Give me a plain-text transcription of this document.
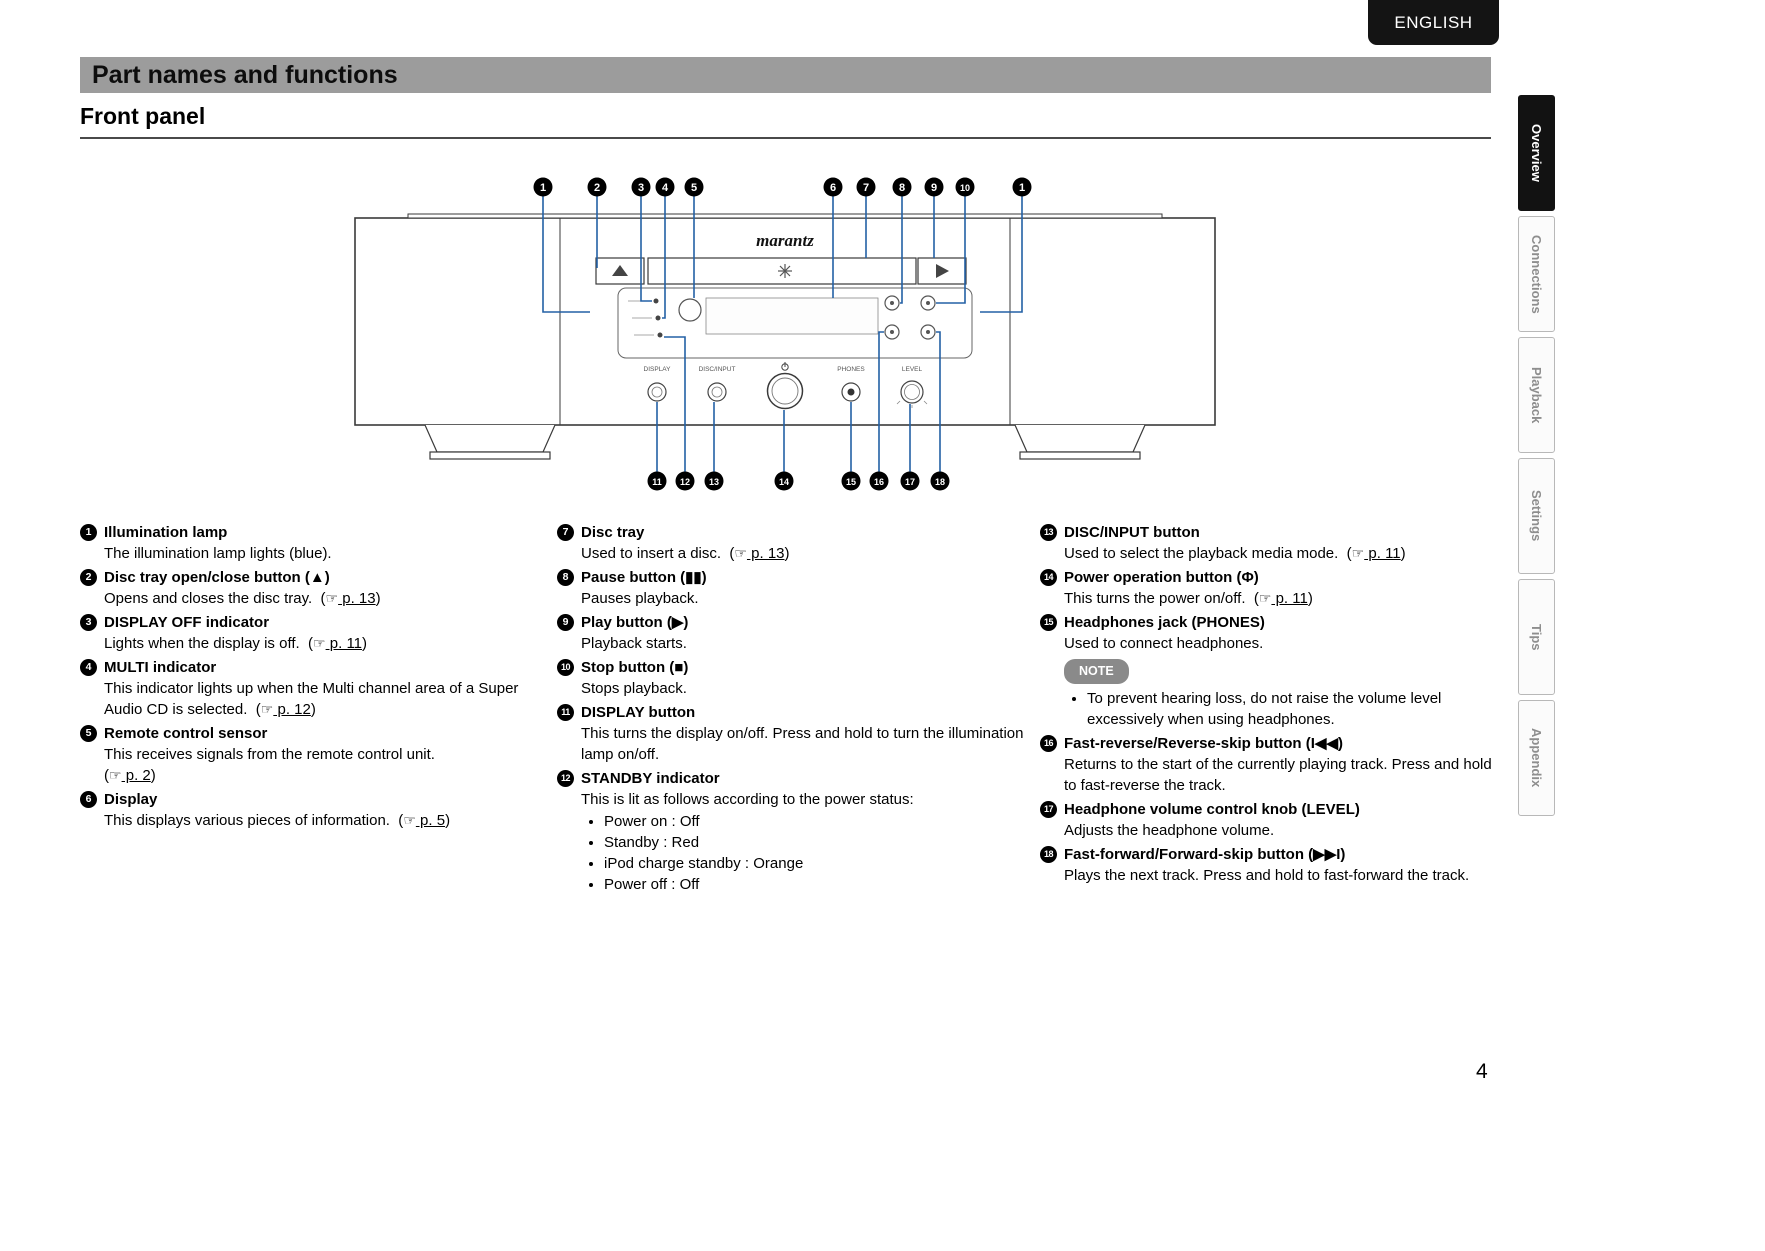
ENGLISH
Part names and functions
Front panel
marantz
DISPLAY	DISC/INPUT	PHONES	LEVEL
1	2	3 4 5	6 7	8 9	10	1
11 12 13	14	15 16 17 18
Overview
Connections
Playback
Settings
Tips
Appendix
1 Illumination lamp
The illumination lamp lights (blue).
2 Disc tray open/close button (▲)
Opens and closes the disc tray.  (☞ p. 13)
3 DISPLAY OFF indicator
Lights when the display is off.  (☞ p. 11)
4 MULTI indicator
This indicator lights up when the Multi channel area of a Super Audio CD is selected.  (☞ p. 12)
5 Remote control sensor
This receives signals from the remote control unit.
(☞ p. 2)
6 Display
This displays various pieces of information.  (☞ p. 5)
7 Disc tray
Used to insert a disc.  (☞ p. 13)
8 Pause button (▮▮)
Pauses playback.
9 Play button (▶)
Playback starts.
10 Stop button (■)
Stops playback.
11 DISPLAY button
This turns the display on/off. Press and hold to turn the illumination lamp on/off.
12 STANDBY indicator
This is lit as follows according to the power status:
• Power on : Off
• Standby : Red
• iPod charge standby : Orange
• Power off : Off
13 DISC/INPUT button
Used to select the playback media mode.  (☞ p. 11)
14 Power operation button (Φ)
This turns the power on/off.  (☞ p. 11)
15 Headphones jack (PHONES)
Used to connect headphones.
NOTE
• To prevent hearing loss, do not raise the volume level excessively when using headphones.
16 Fast-reverse/Reverse-skip button (I◀◀)
Returns to the start of the currently playing track. Press and hold to fast-reverse the track.
17 Headphone volume control knob (LEVEL)
Adjusts the headphone volume.
18 Fast-forward/Forward-skip button (▶▶I)
Plays the next track. Press and hold to fast-forward the track.
4
